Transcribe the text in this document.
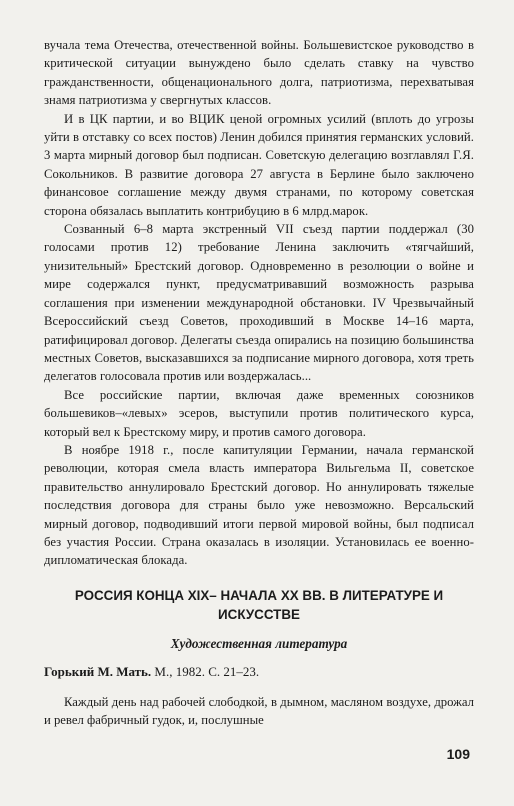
вучала тема Отечества, отечественной войны. Большевистское руководство в критической ситуации вынуждено было сделать ставку на чувство гражданственности, общенационального долга, патриотизма, перехватывая знамя патриотизма у свергнутых классов.

И в ЦК партии, и во ВЦИК ценой огромных усилий (вплоть до угрозы уйти в отставку со всех постов) Ленин добился принятия германских условий. 3 марта мирный договор был подписан. Советскую делегацию возглавлял Г.Я. Сокольников. В развитие договора 27 августа в Берлине было заключено финансовое соглашение между двумя странами, по которому советская сторона обязалась выплатить контрибуцию в 6 млрд.марок.

Созванный 6–8 марта экстренный VII съезд партии поддержал (30 голосами против 12) требование Ленина заключить «тягчайший, унизительный» Брестский договор. Одновременно в резолюции о войне и мире содержался пункт, предусматривавший возможность разрыва соглашения при изменении международной обстановки. IV Чрезвычайный Всероссийский съезд Советов, проходивший в Москве 14–16 марта, ратифицировал договор. Делегаты съезда опирались на позицию большинства местных Советов, высказавшихся за подписание мирного договора, хотя треть делегатов голосовала против или воздержалась...

Все российские партии, включая даже временных союзников большевиков–«левых» эсеров, выступили против политического курса, который вел к Брестскому миру, и против самого договора.

В ноябре 1918 г., после капитуляции Германии, начала германской революции, которая смела власть императора Вильгельма II, советское правительство аннулировало Брестский договор. Но аннулировать тяжелые последствия договора для страны было уже невозможно. Версальский мирный договор, подводивший итоги первой мировой войны, был подписал без участия России. Страна оказалась в изоляции. Установилась ее военно-дипломатическая блокада.

РОССИЯ КОНЦА XIX– НАЧАЛА XX ВВ. В ЛИТЕРАТУРЕ И ИСКУССТВЕ
Художественная литература

Горький М. Мать. М., 1982. С. 21–23.

Каждый день над рабочей слободкой, в дымном, масляном воздухе, дрожал и ревел фабричный гудок, и, послушные

109
